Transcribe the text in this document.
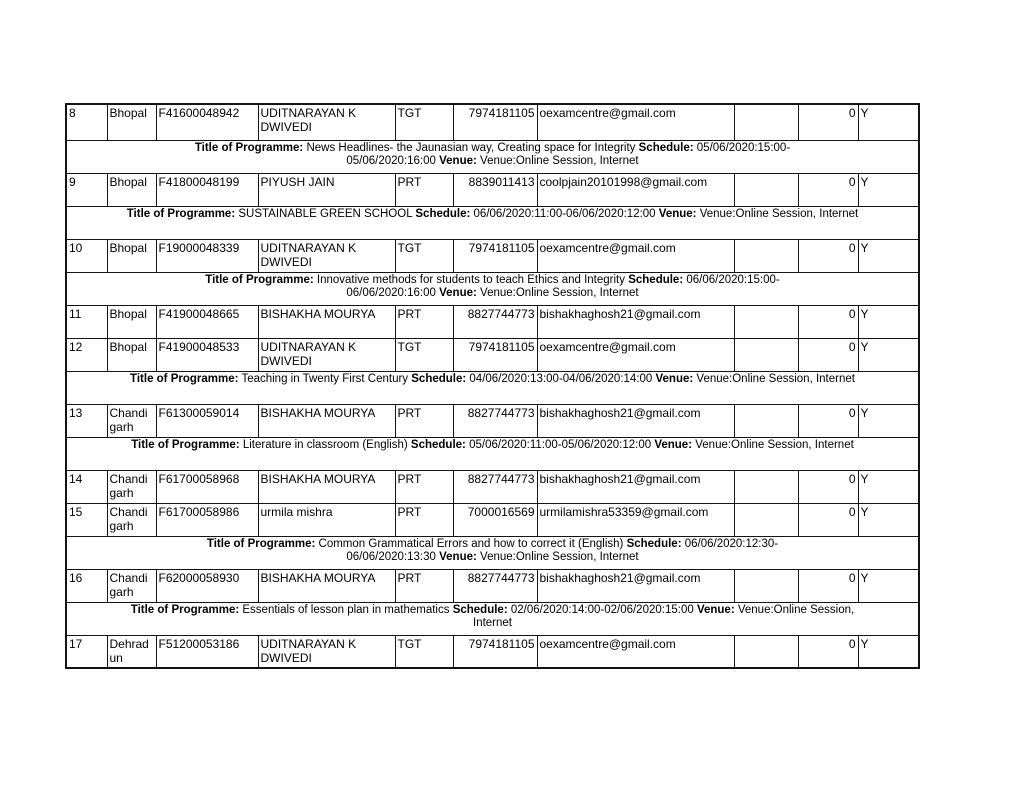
8	Bhopal	F41600048942	UDITNARAYAN K DWIVEDI	TGT	7974181105	oexamcentre@gmail.com		0	Y

Title of Programme: News Headlines- the Jaunasian way, Creating space for Integrity Schedule: 05/06/2020:15:00-
05/06/2020:16:00 Venue: Venue:Online Session, Internet									

9	Bhopal	F41800048199	PIYUSH JAIN	PRT	8839011413	coolpjain20101998@gmail.com		0	Y

Title of Programme: SUSTAINABLE GREEN SCHOOL Schedule: 06/06/2020:11:00-06/06/2020:12:00 Venue: Venue:Online Session, Internet									

10	Bhopal	F19000048339	UDITNARAYAN K DWIVEDI	TGT	7974181105	oexamcentre@gmail.com		0	Y

Title of Programme: Innovative methods for students to teach Ethics and Integrity Schedule: 06/06/2020:15:00-
06/06/2020:16:00 Venue: Venue:Online Session, Internet									

11	Bhopal	F41900048665	BISHAKHA MOURYA	PRT	8827744773	bishakhaghosh21@gmail.com		0	Y
12	Bhopal	F41900048533	UDITNARAYAN K DWIVEDI	TGT	7974181105	oexamcentre@gmail.com		0	Y

Title of Programme: Teaching in Twenty First Century Schedule: 04/06/2020:13:00-04/06/2020:14:00 Venue: Venue:Online Session, Internet									

13	Chandigarh	F61300059014	BISHAKHA MOURYA	PRT	8827744773	bishakhaghosh21@gmail.com		0	Y

Title of Programme: Literature in classroom (English) Schedule: 05/06/2020:11:00-05/06/2020:12:00 Venue: Venue:Online Session, Internet									

14	Chandigarh	F61700058968	BISHAKHA MOURYA	PRT	8827744773	bishakhaghosh21@gmail.com		0	Y
15	Chandigarh	F61700058986	urmila mishra	PRT	7000016569	urmilamishra53359@gmail.com		0	Y

Title of Programme: Common Grammatical Errors and how to correct it (English) Schedule: 06/06/2020:12:30-
06/06/2020:13:30 Venue: Venue:Online Session, Internet									

16	Chandigarh	F62000058930	BISHAKHA MOURYA	PRT	8827744773	bishakhaghosh21@gmail.com		0	Y

Title of Programme: Essentials of lesson plan in mathematics Schedule: 02/06/2020:14:00-02/06/2020:15:00 Venue: Venue:Online Session,
Internet									

17	Dehradun	F51200053186	UDITNARAYAN K DWIVEDI	TGT	7974181105	oexamcentre@gmail.com		0	Y
